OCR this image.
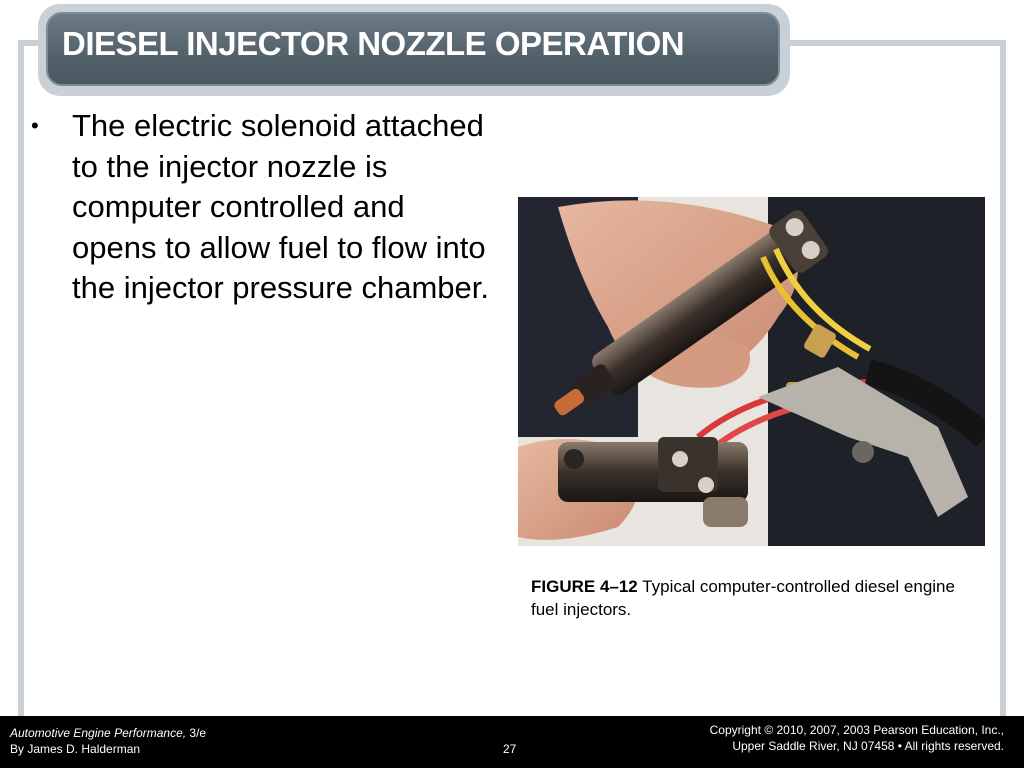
DIESEL INJECTOR NOZZLE OPERATION
• The electric solenoid attached to the injector nozzle is computer controlled and opens to allow fuel to flow into the injector pressure chamber.
FIGURE 4–12 Typical computer-controlled diesel engine fuel injectors.
Automotive Engine Performance, 3/e
By James D. Halderman	27
Copyright © 2010, 2007, 2003 Pearson Education, Inc.,
Upper Saddle River, NJ 07458 • All rights reserved.
